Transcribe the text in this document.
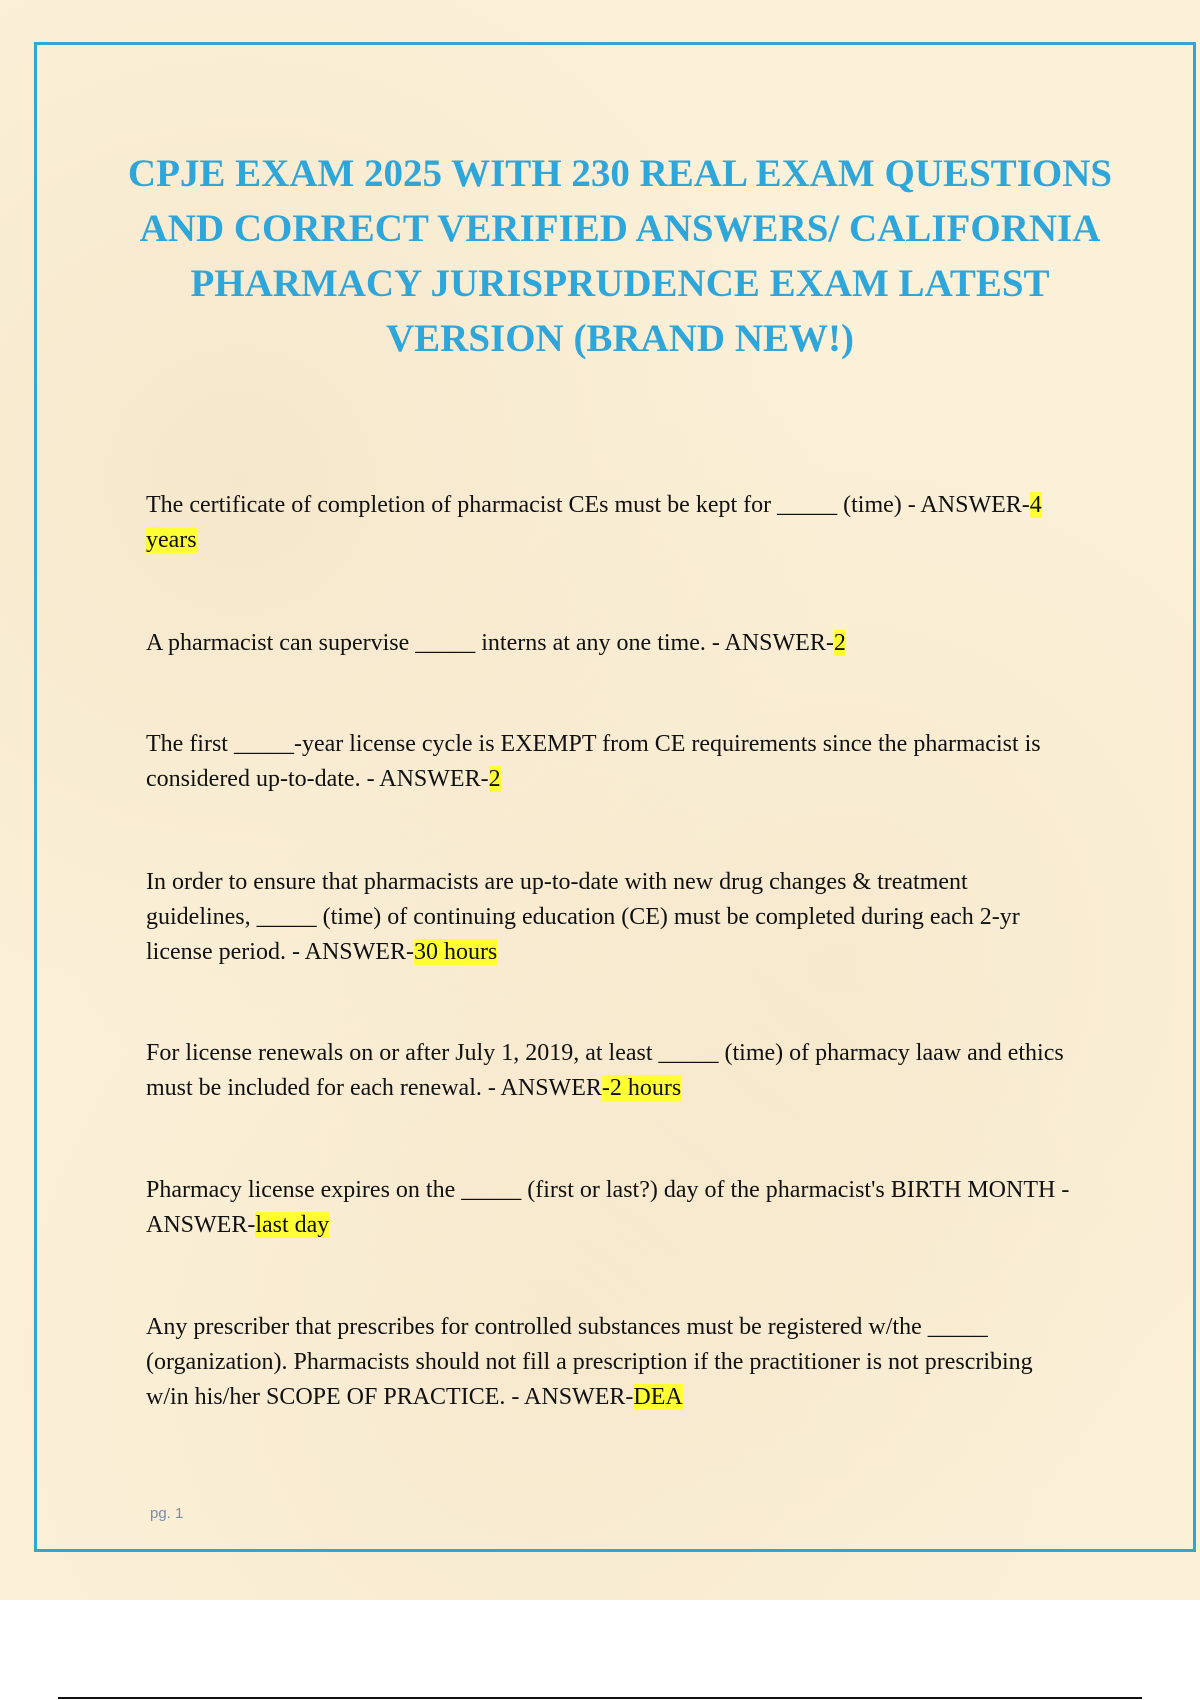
CPJE EXAM 2025 WITH 230 REAL EXAM QUESTIONS AND CORRECT VERIFIED ANSWERS/ CALIFORNIA PHARMACY JURISPRUDENCE EXAM LATEST VERSION (BRAND NEW!)

The certificate of completion of pharmacist CEs must be kept for _____ (time) - ANSWER-4 years

A pharmacist can supervise _____ interns at any one time. - ANSWER-2

The first _____-year license cycle is EXEMPT from CE requirements since the pharmacist is considered up-to-date. - ANSWER-2

In order to ensure that pharmacists are up-to-date with new drug changes & treatment guidelines, _____ (time) of continuing education (CE) must be completed during each 2-yr license period. - ANSWER-30 hours

For license renewals on or after July 1, 2019, at least _____ (time) of pharmacy laaw and ethics must be included for each renewal. - ANSWER-2 hours

Pharmacy license expires on the _____ (first or last?) day of the pharmacist's BIRTH MONTH - ANSWER-last day

Any prescriber that prescribes for controlled substances must be registered w/the _____ (organization). Pharmacists should not fill a prescription if the practitioner is not prescribing w/in his/her SCOPE OF PRACTICE. - ANSWER-DEA

pg. 1
